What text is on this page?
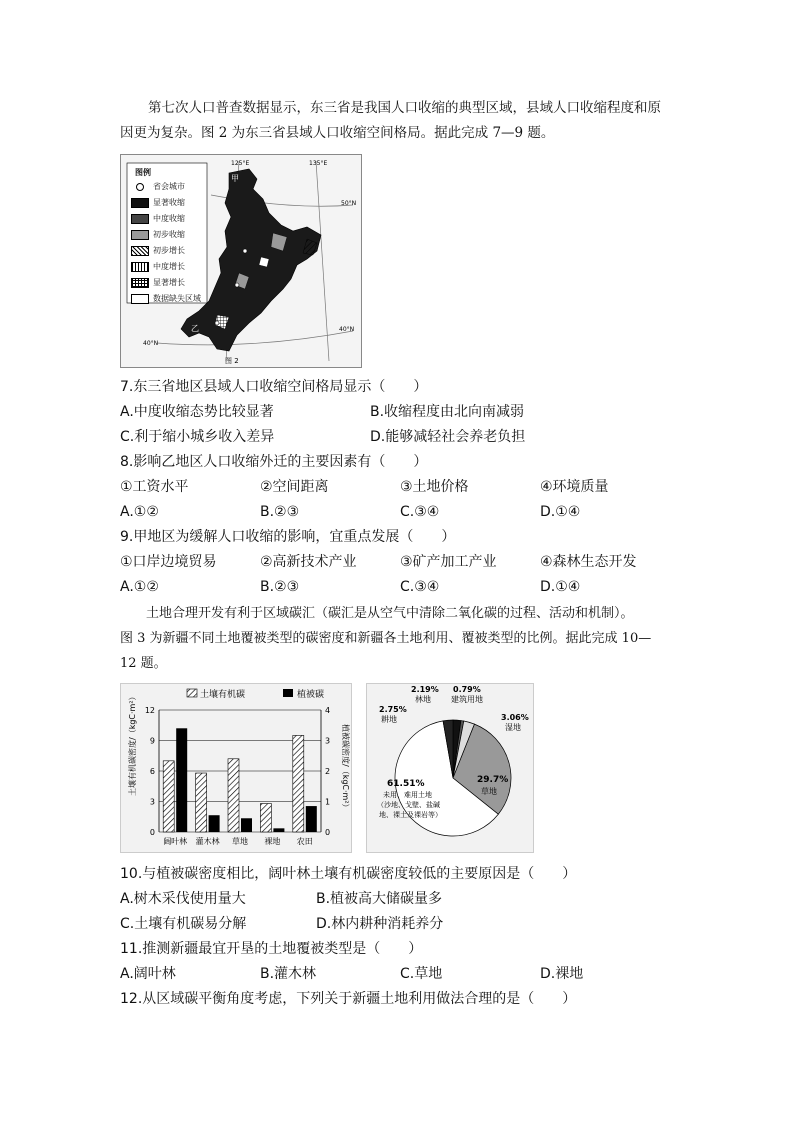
第七次人口普查数据显示，东三省是我国人口收缩的典型区域，县域人口收缩程度和原
因更为复杂。图 2 为东三省县域人口收缩空间格局。据此完成 7—9 题。
甲
乙
125°E	135°E
50°N
40°N
40°N
图 2
图例
省会城市
显著收缩
中度收缩
初步收缩
初步增长
中度增长
显著增长
数据缺失区域
7.东三省地区县域人口收缩空间格局显示（　　）
A.中度收缩态势比较显著	B.收缩程度由北向南减弱
C.利于缩小城乡收入差异	D.能够减轻社会养老负担
8.影响乙地区人口收缩外迁的主要因素有（　　）
①工资水平	②空间距离	③土地价格	④环境质量
A.①②	B.②③	C.③④	D.①④
9.甲地区为缓解人口收缩的影响，宜重点发展（　　）
①口岸边境贸易	②高新技术产业	③矿产加工产业	④森林生态开发
A.①②	B.②③	C.③④	D.①④
土地合理开发有利于区域碳汇（碳汇是从空气中清除二氧化碳的过程、活动和机制）。
图 3 为新疆不同土地覆被类型的碳密度和新疆各土地利用、覆被类型的比例。据此完成 10—
12 题。
土壤有机碳	植被碳
土壤有机碳密度/（kgC·m²）	植被碳密度/（kgC·m²）
0
3
6
9
12
0
1
2
3
4
阔叶林 灌木林 草地 裸地 农田
2.19%
林地
0.79%
建筑用地
3.06%
湿地
2.75%
耕地
29.7%
草地
61.51%
未用、难用土地
（沙地、戈壁、盐碱
地、裸土及裸岩等）
10.与植被碳密度相比，阔叶林土壤有机碳密度较低的主要原因是（　　）
A.树木采伐使用量大	B.植被高大储碳量多
C.土壤有机碳易分解	D.林内耕种消耗养分
11.推测新疆最宜开垦的土地覆被类型是（　　）
A.阔叶林	B.灌木林	C.草地	D.裸地
12.从区域碳平衡角度考虑，下列关于新疆土地利用做法合理的是（　　）
